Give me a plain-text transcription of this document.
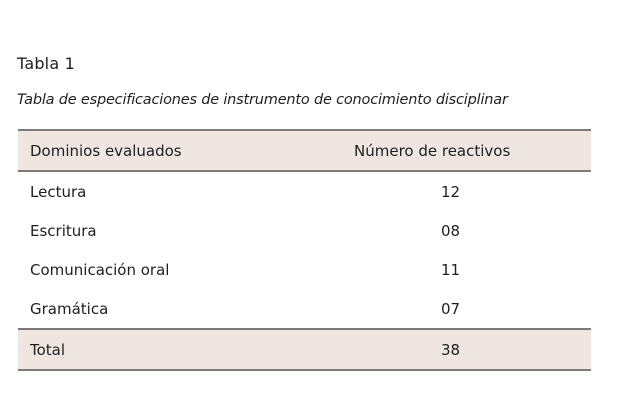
Tabla 1
Tabla de especificaciones de instrumento de conocimiento disciplinar
Dominios evaluados	Número de reactivos
Lectura	12
Escritura	08
Comunicación oral	11
Gramática	07
Total	38
